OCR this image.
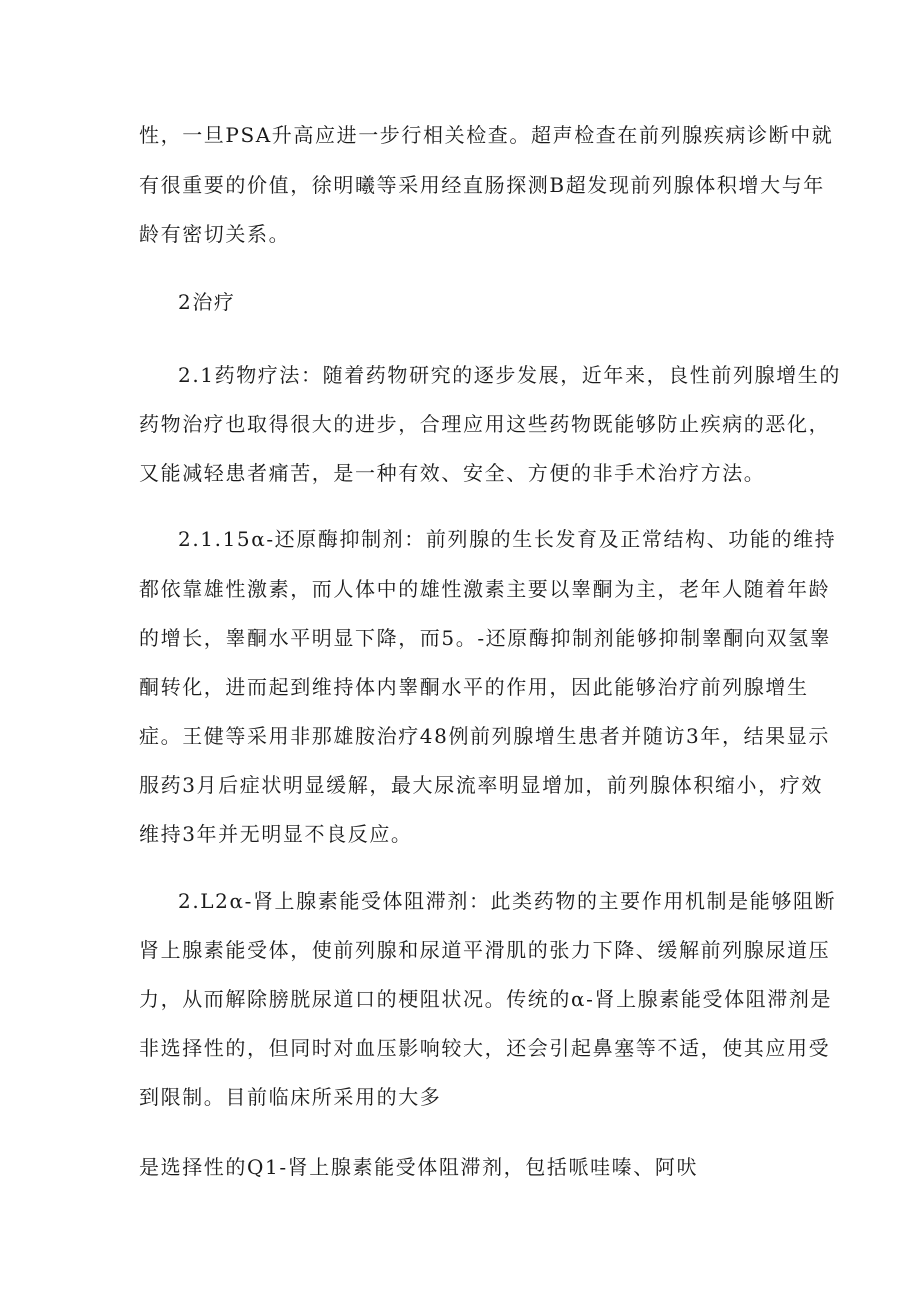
性，一旦PSA升高应进一步行相关检查。超声检查在前列腺疾病诊断中就
有很重要的价值，徐明曦等采用经直肠探测B超发现前列腺体积增大与年
龄有密切关系。
2治疗
2.1药物疗法：随着药物研究的逐步发展，近年来，良性前列腺增生的
药物治疗也取得很大的进步，合理应用这些药物既能够防止疾病的恶化，
又能减轻患者痛苦，是一种有效、安全、方便的非手术治疗方法。
2.1.15α-还原酶抑制剂：前列腺的生长发育及正常结构、功能的维持
都依靠雄性激素，而人体中的雄性激素主要以睾酮为主，老年人随着年龄
的增长，睾酮水平明显下降，而5。-还原酶抑制剂能够抑制睾酮向双氢睾
酮转化，进而起到维持体内睾酮水平的作用，因此能够治疗前列腺增生
症。王健等采用非那雄胺治疗48例前列腺增生患者并随访3年，结果显示
服药3月后症状明显缓解，最大尿流率明显增加，前列腺体积缩小，疗效
维持3年并无明显不良反应。
2.L2α-肾上腺素能受体阻滞剂：此类药物的主要作用机制是能够阻断
肾上腺素能受体，使前列腺和尿道平滑肌的张力下降、缓解前列腺尿道压
力，从而解除膀胱尿道口的梗阻状况。传统的α-肾上腺素能受体阻滞剂是
非选择性的，但同时对血压影响较大，还会引起鼻塞等不适，使其应用受
到限制。目前临床所采用的大多
是选择性的Q1-肾上腺素能受体阻滞剂，包括哌哇嗪、阿吠
